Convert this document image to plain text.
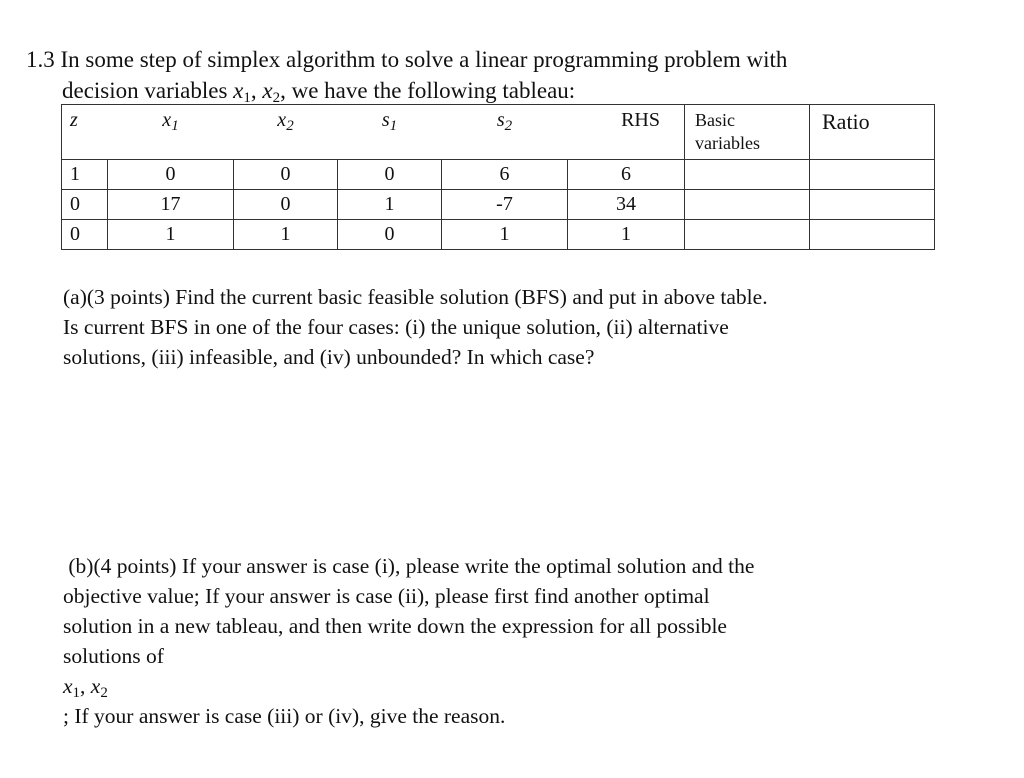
1.3 In some step of simplex algorithm to solve a linear programming problem with
decision variables $x_1$, $x_2$, we have the following tableau:
z	$x_1$	$x_2$	$s_1$	$s_2$	RHS	Basic
variables	Ratio
1	0	0	0	6	6		
0	17	0	1	-7	34		
0	1	1	0	1	1		
(a)(3 points) Find the current basic feasible solution (BFS) and put in above table.
Is current BFS in one of the four cases: (i) the unique solution, (ii) alternative
solutions, (iii) infeasible, and (iv) unbounded? In which case?
(b)(4 points) If your answer is case (i), please write the optimal solution and the
objective value; If your answer is case (ii), please first find another optimal
solution in a new tableau, and then write down the expression for all possible
solutions of
$x_1$, $x_2$
; If your answer is case (iii) or (iv), give the reason.
